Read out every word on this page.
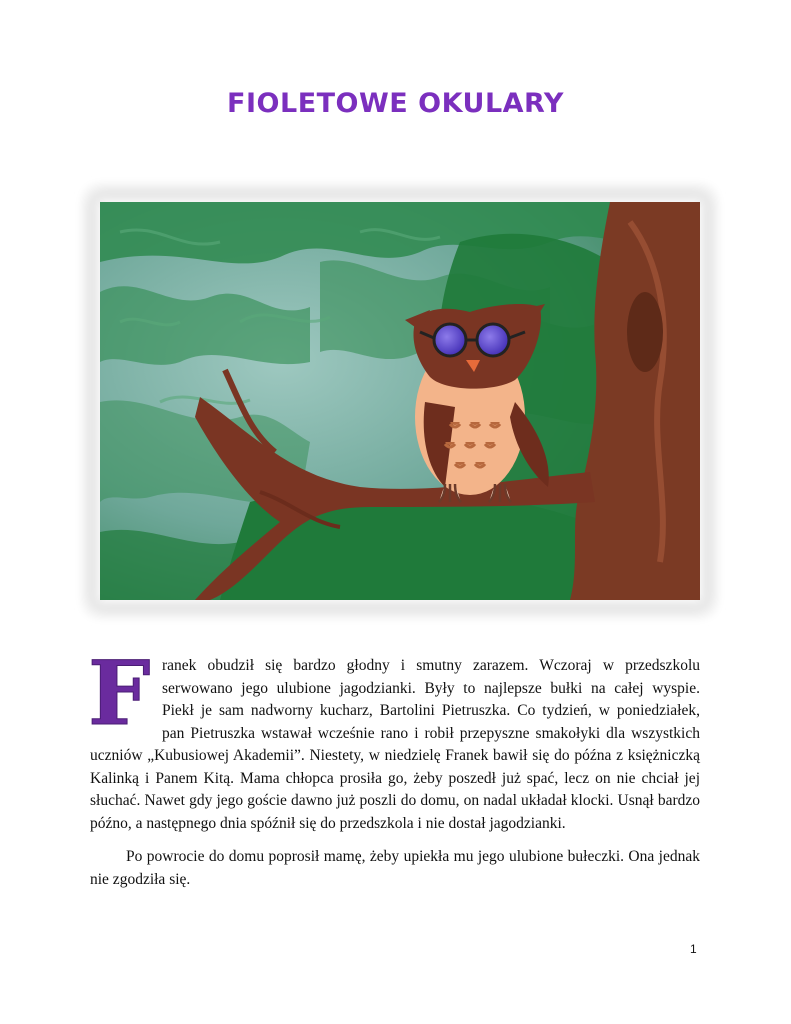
FIOLETOWE OKULARY
F ranek obudził się bardzo głodny i smutny zarazem. Wczoraj w przedszkolu
serwowano jego ulubione jagodzianki. Były to najlepsze bułki na całej wyspie.
Piekł je sam nadworny kucharz, Bartolini Pietruszka. Co tydzień, w poniedziałek,
pan Pietruszka wstawał wcześnie rano i robił przepyszne smakołyki dla wszystkich

uczniów „Kubusiowej Akademii”. Niestety, w niedzielę Franek bawił się do późna z księżniczką Kalinką i Panem Kitą. Mama chłopca prosiła go, żeby poszedł już spać, lecz on nie chciał jej słuchać. Nawet gdy jego goście dawno już poszli do domu, on nadal układał klocki. Usnął bardzo późno, a następnego dnia spóźnił się do przedszkola i nie dostał jagodzianki.

Po powrocie do domu poprosił mamę, żeby upiekła mu jego ulubione bułeczki. Ona jednak nie zgodziła się.

1
